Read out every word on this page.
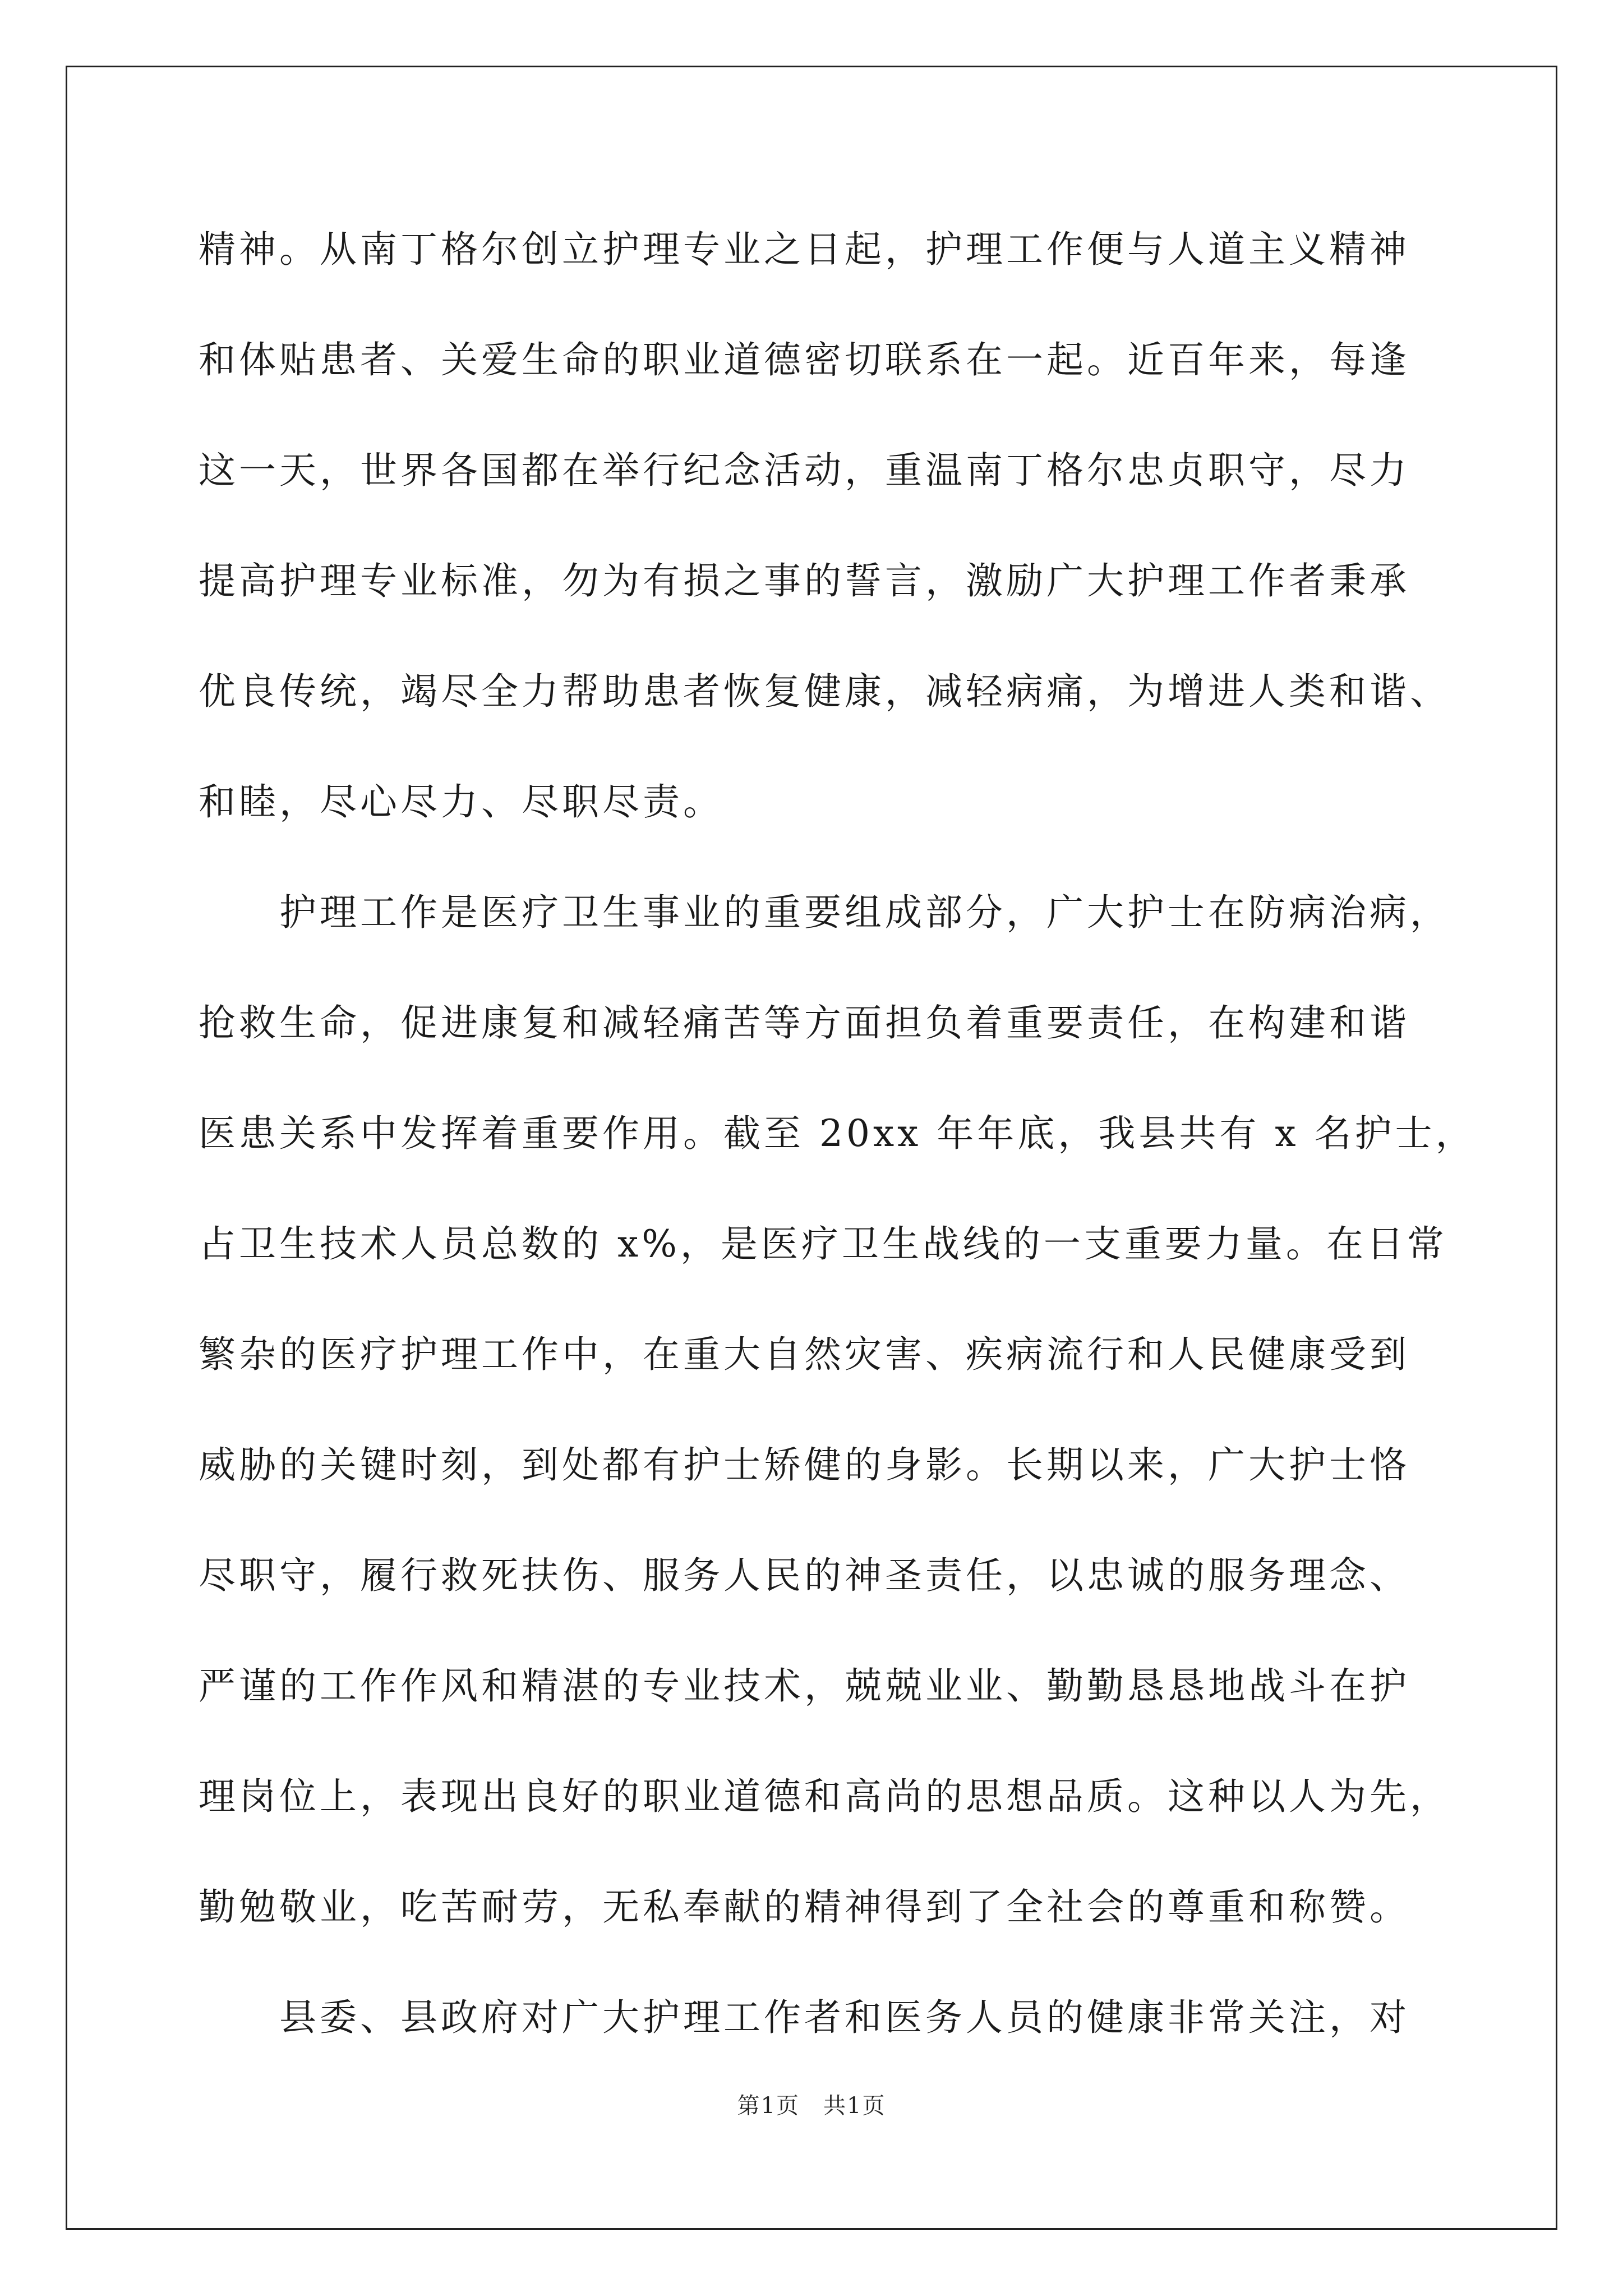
精神。从南丁格尔创立护理专业之日起，护理工作便与人道主义精神
和体贴患者、关爱生命的职业道德密切联系在一起。近百年来，每逢
这一天，世界各国都在举行纪念活动，重温南丁格尔忠贞职守，尽力
提高护理专业标准，勿为有损之事的誓言，激励广大护理工作者秉承
优良传统，竭尽全力帮助患者恢复健康，减轻病痛，为增进人类和谐、
和睦，尽心尽力、尽职尽责。
　　护理工作是医疗卫生事业的重要组成部分，广大护士在防病治病，
抢救生命，促进康复和减轻痛苦等方面担负着重要责任，在构建和谐
医患关系中发挥着重要作用。截至 20xx 年年底，我县共有 x 名护士，
占卫生技术人员总数的 x%，是医疗卫生战线的一支重要力量。在日常
繁杂的医疗护理工作中，在重大自然灾害、疾病流行和人民健康受到
威胁的关键时刻，到处都有护士矫健的身影。长期以来，广大护士恪
尽职守，履行救死扶伤、服务人民的神圣责任，以忠诚的服务理念、
严谨的工作作风和精湛的专业技术，兢兢业业、勤勤恳恳地战斗在护
理岗位上，表现出良好的职业道德和高尚的思想品质。这种以人为先，
勤勉敬业，吃苦耐劳，无私奉献的精神得到了全社会的尊重和称赞。
　　县委、县政府对广大护理工作者和医务人员的健康非常关注，对
第1页　共1页
